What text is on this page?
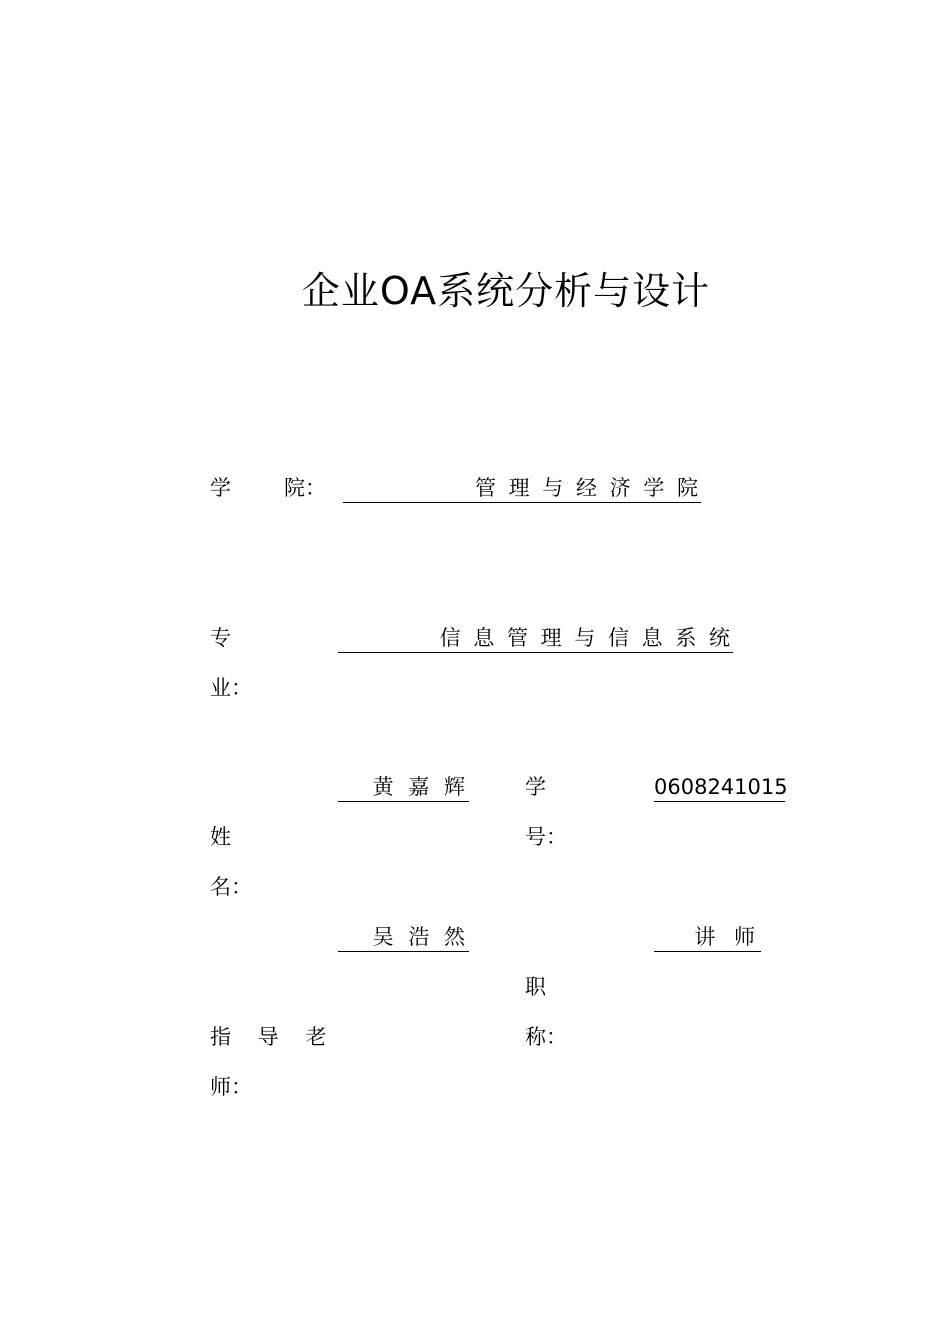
企业OA系统分析与设计
学	院：	管 理 与 经 济 学 院
专
业：
信 息 管 理 与 信 息 系 统
黄 嘉 辉
姓
名：
学
号：
0608241015
吴 浩 然
指 导 老
师：
讲 师
职
称：
